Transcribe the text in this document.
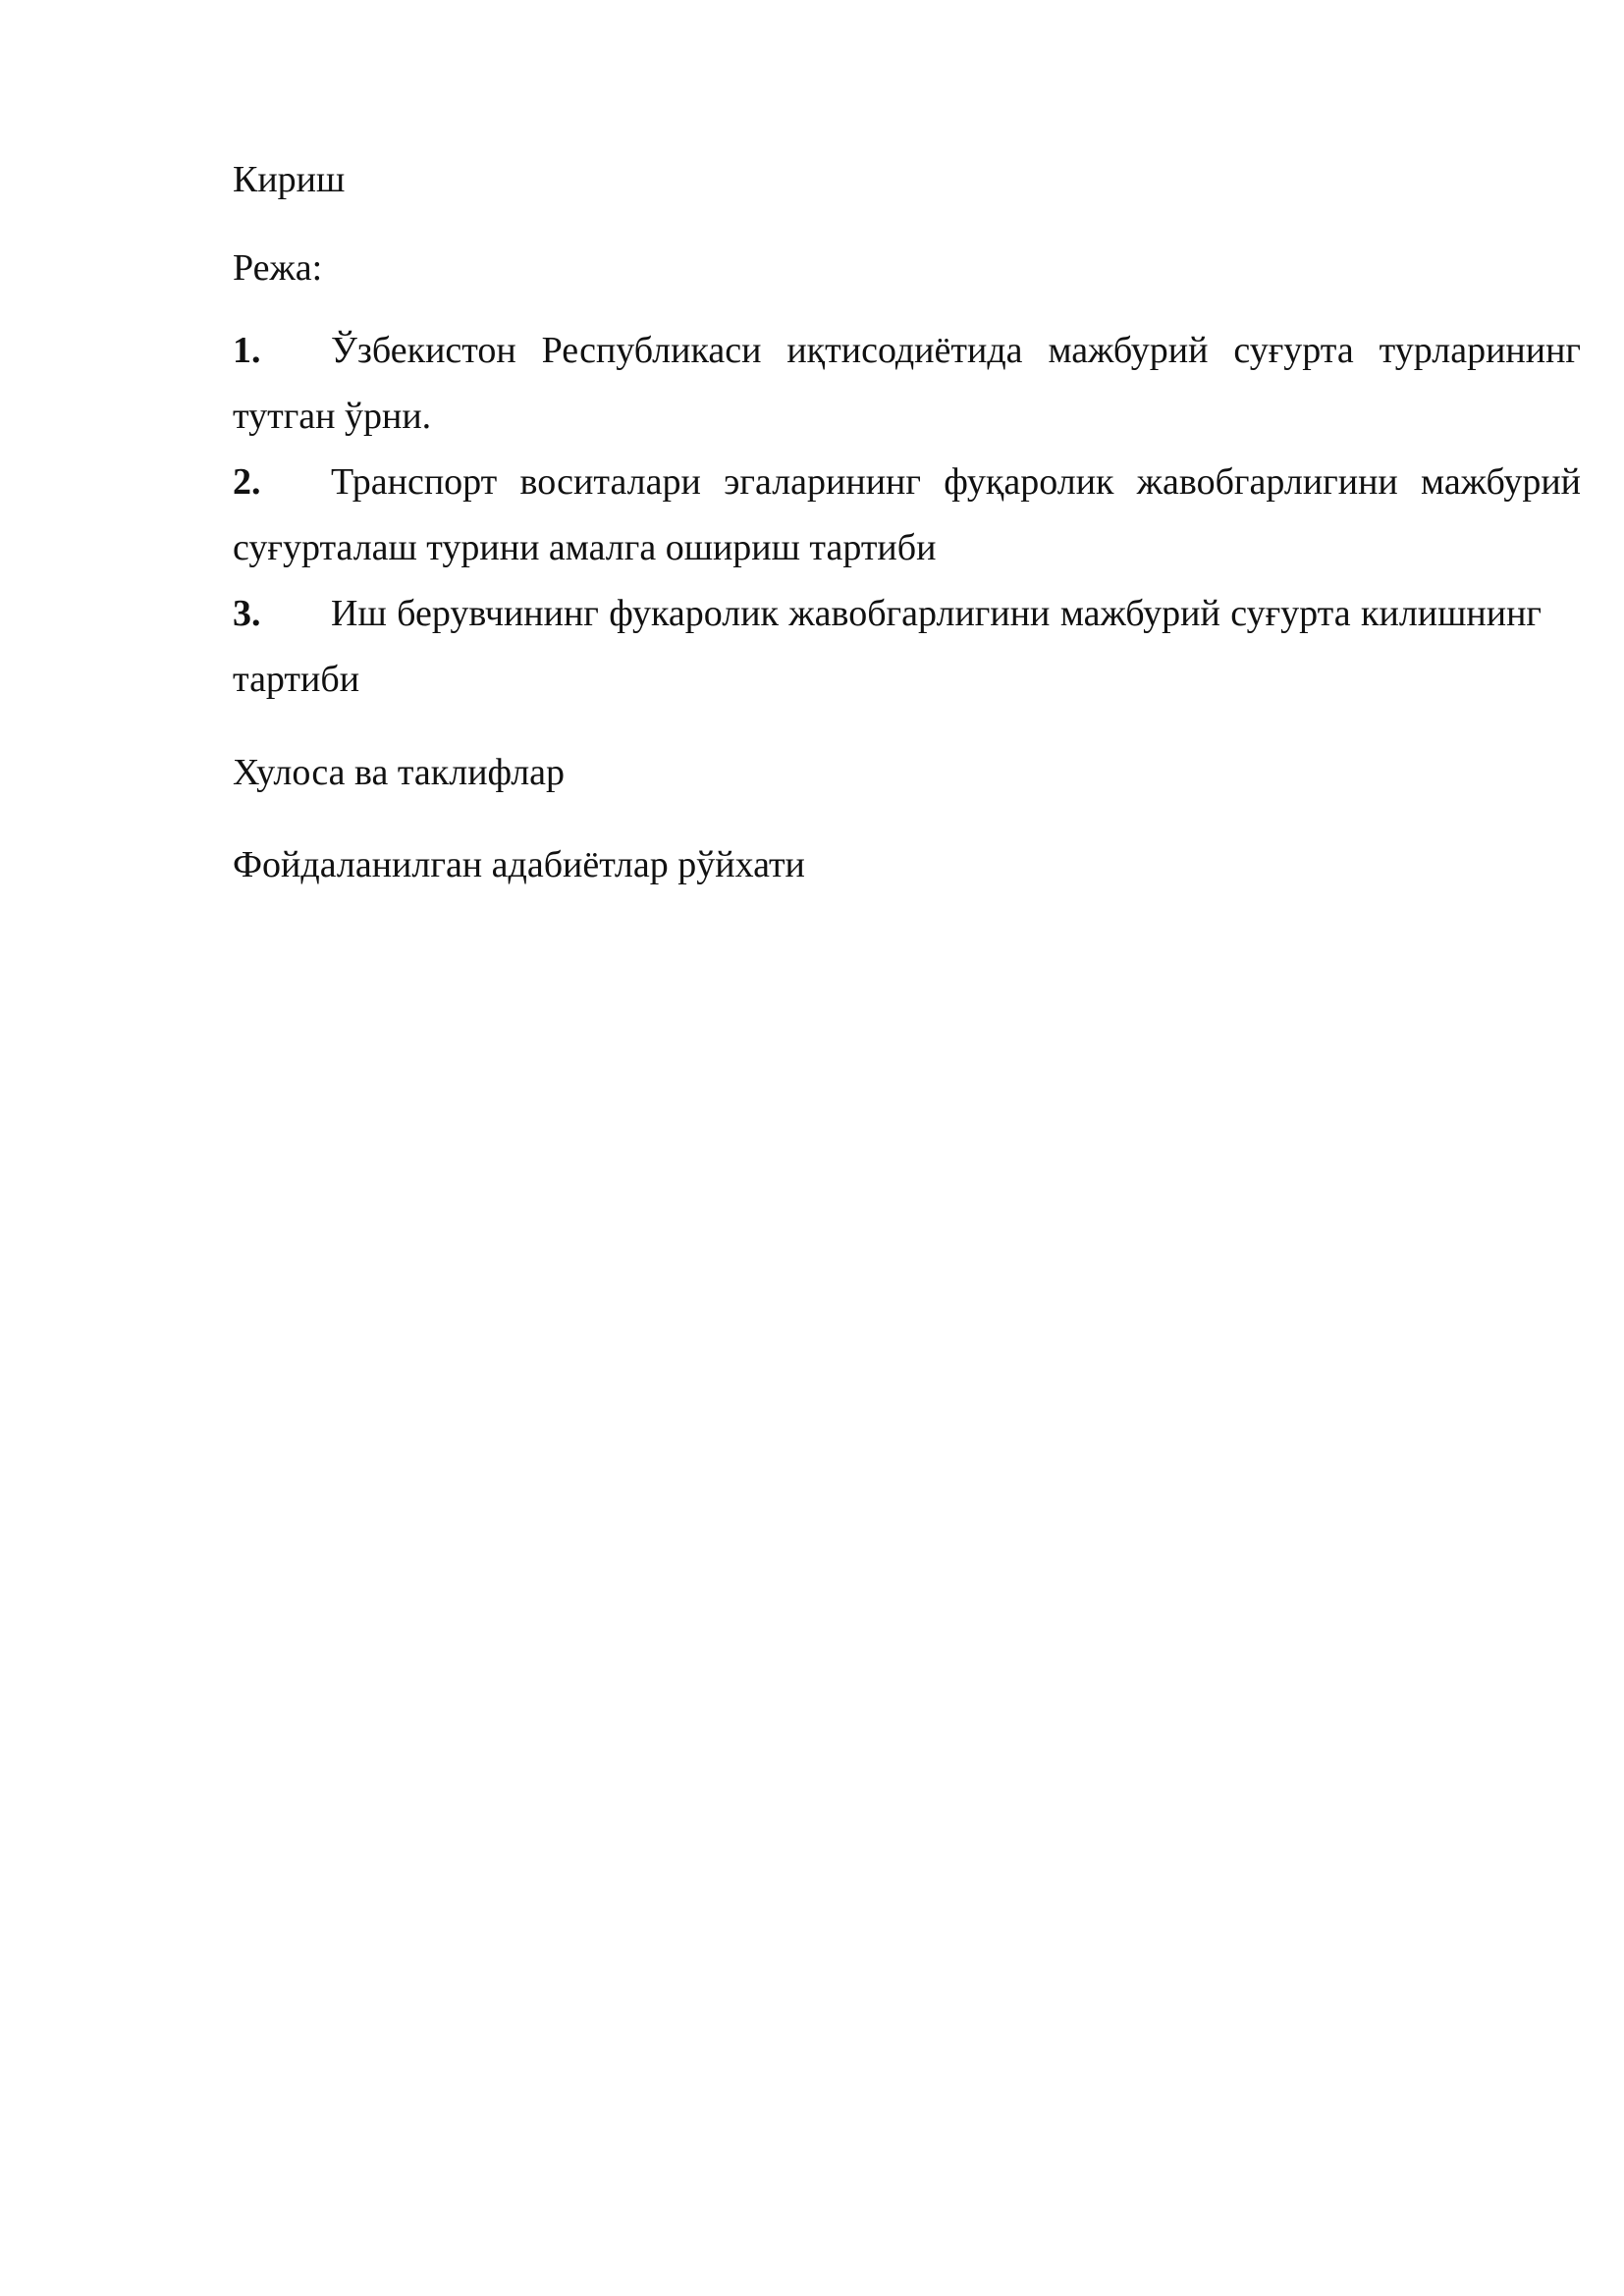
Кириш

Режа:

1. Ўзбекистон Республикаси иқтисодиётида мажбурий суғурта турларининг тутган ўрни.

2. Транспорт воситалари эгаларининг фуқаролик жавобгарлигини мажбурий суғурталаш турини амалга ошириш тартиби

3. Иш берувчининг фукаролик жавобгарлигини мажбурий суғурта килишнинг тартиби

Хулоса ва таклифлар

Фойдаланилган адабиётлар рўйхати
